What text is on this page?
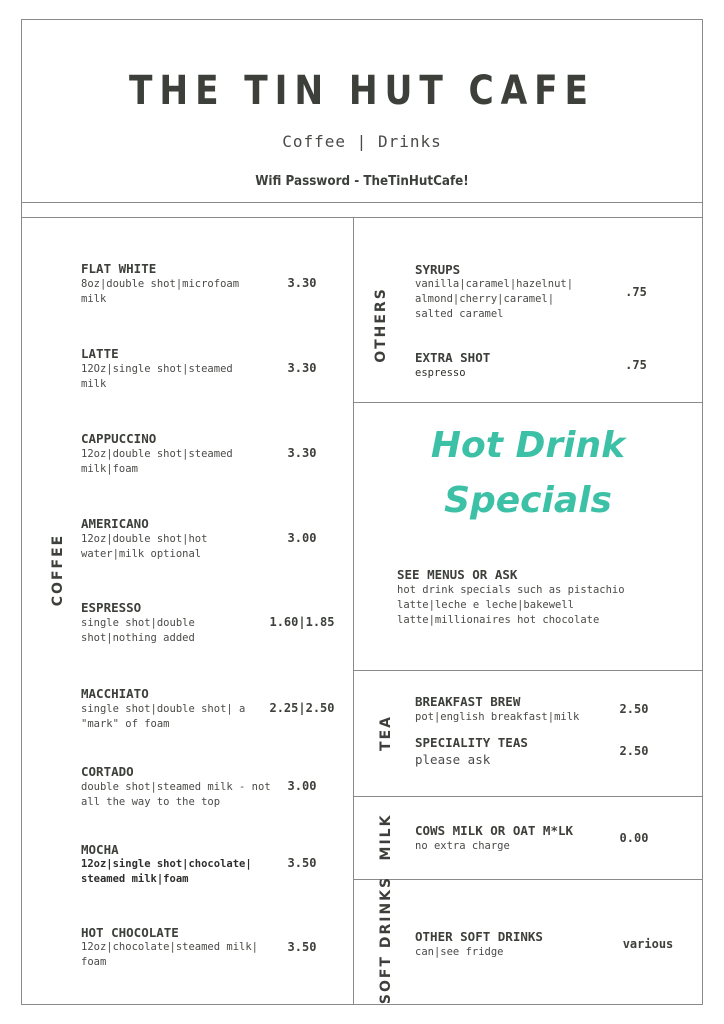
THE TIN HUT CAFE
Coffee | Drinks
Wifi Password - TheTinHutCafe!
COFFEE
OTHERS
TEA
MILK
SOFT DRINKS
FLAT WHITE
8oz|double shot|microfoam milk
3.30
LATTE
12Oz|single shot|steamed milk
3.30
CAPPUCCINO
12oz|double shot|steamed milk|foam
3.30
AMERICANO
12oz|double shot|hot water|milk optional
3.00
ESPRESSO
single shot|double shot|nothing added
1.60|1.85
MACCHIATO
single shot|double shot| a "mark" of foam
2.25|2.50
CORTADO
double shot|steamed milk - not all the way to the top
3.00
MOCHA
12oz|single shot|chocolate| steamed milk|foam
3.50
HOT CHOCOLATE
12oz|chocolate|steamed milk| foam
3.50
SYRUPS
vanilla|caramel|hazelnut| almond|cherry|caramel| salted caramel
.75
EXTRA SHOT
espresso
.75
Hot Drink
Specials
SEE MENUS OR ASK
hot drink specials such as pistachio latte|leche e leche|bakewell latte|millionaires hot chocolate
BREAKFAST BREW
pot|english breakfast|milk
2.50
SPECIALITY TEAS
please ask
2.50
COWS MILK OR OAT M*LK
no extra charge
0.00
OTHER SOFT DRINKS
can|see fridge
various
